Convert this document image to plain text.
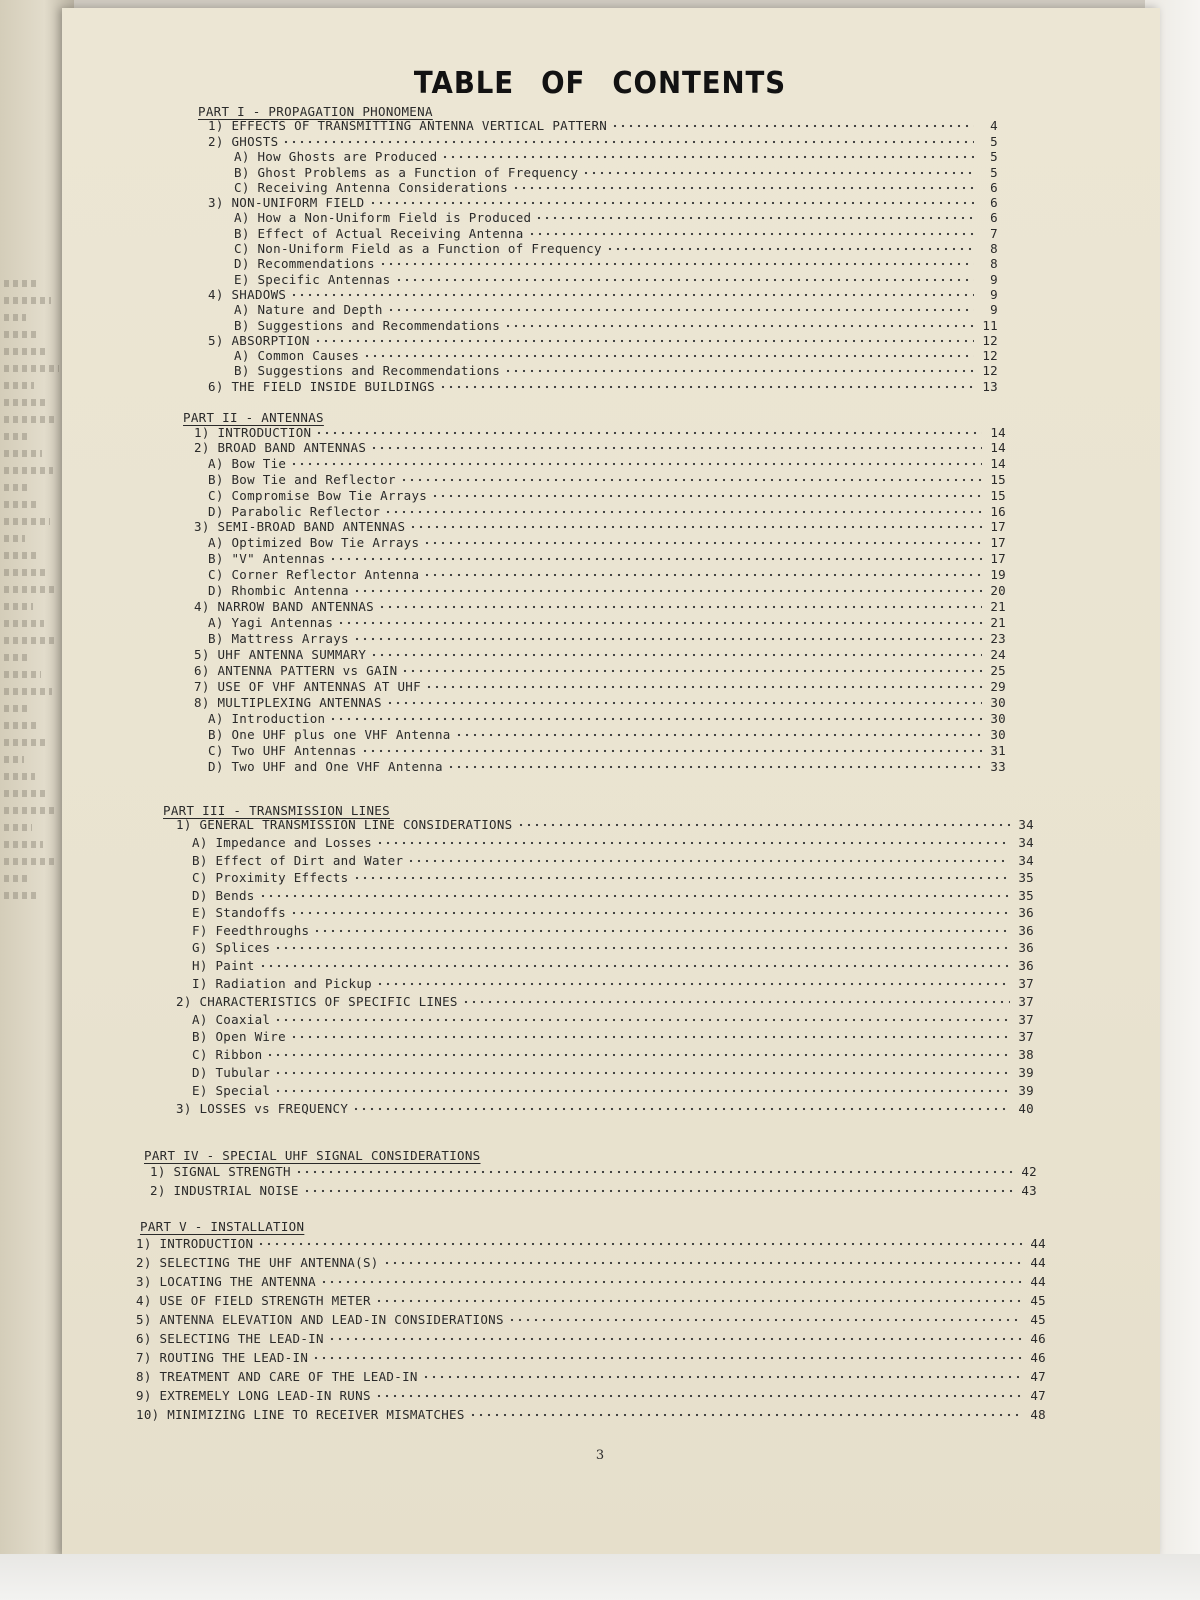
TABLE OF CONTENTS
PART I - PROPAGATION PHONOMENA
1) EFFECTS OF TRANSMITTING ANTENNA VERTICAL PATTERN	4
2) GHOSTS	5
A) How Ghosts are Produced	5
B) Ghost Problems as a Function of Frequency	5
C) Receiving Antenna Considerations	6
3) NON-UNIFORM FIELD	6
A) How a Non-Uniform Field is Produced	6
B) Effect of Actual Receiving Antenna	7
C) Non-Uniform Field as a Function of Frequency	8
D) Recommendations	8
E) Specific Antennas	9
4) SHADOWS	9
A) Nature and Depth	9
B) Suggestions and Recommendations	11
5) ABSORPTION	12
A) Common Causes	12
B) Suggestions and Recommendations	12
6) THE FIELD INSIDE BUILDINGS	13
PART II - ANTENNAS
1) INTRODUCTION	14
2) BROAD BAND ANTENNAS	14
A) Bow Tie	14
B) Bow Tie and Reflector	15
C) Compromise Bow Tie Arrays	15
D) Parabolic Reflector	16
3) SEMI-BROAD BAND ANTENNAS	17
A) Optimized Bow Tie Arrays	17
B) "V" Antennas	17
C) Corner Reflector Antenna	19
D) Rhombic Antenna	20
4) NARROW BAND ANTENNAS	21
A) Yagi Antennas	21
B) Mattress Arrays	23
5) UHF ANTENNA SUMMARY	24
6) ANTENNA PATTERN vs GAIN	25
7) USE OF VHF ANTENNAS AT UHF	29
8) MULTIPLEXING ANTENNAS	30
A) Introduction	30
B) One UHF plus one VHF Antenna	30
C) Two UHF Antennas	31
D) Two UHF and One VHF Antenna	33
PART III - TRANSMISSION LINES
1) GENERAL TRANSMISSION LINE CONSIDERATIONS	34
A) Impedance and Losses	34
B) Effect of Dirt and Water	34
C) Proximity Effects	35
D) Bends	35
E) Standoffs	36
F) Feedthroughs	36
G) Splices	36
H) Paint	36
I) Radiation and Pickup	37
2) CHARACTERISTICS OF SPECIFIC LINES	37
A) Coaxial	37
B) Open Wire	37
C) Ribbon	38
D) Tubular	39
E) Special	39
3) LOSSES vs FREQUENCY	40
PART IV - SPECIAL UHF SIGNAL CONSIDERATIONS
1) SIGNAL STRENGTH	42
2) INDUSTRIAL NOISE	43
PART V - INSTALLATION
1) INTRODUCTION	44
2) SELECTING THE UHF ANTENNA(S)	44
3) LOCATING THE ANTENNA	44
4) USE OF FIELD STRENGTH METER	45
5) ANTENNA ELEVATION AND LEAD-IN CONSIDERATIONS	45
6) SELECTING THE LEAD-IN	46
7) ROUTING THE LEAD-IN	46
8) TREATMENT AND CARE OF THE LEAD-IN	47
9) EXTREMELY LONG LEAD-IN RUNS	47
10) MINIMIZING LINE TO RECEIVER MISMATCHES	48
3
